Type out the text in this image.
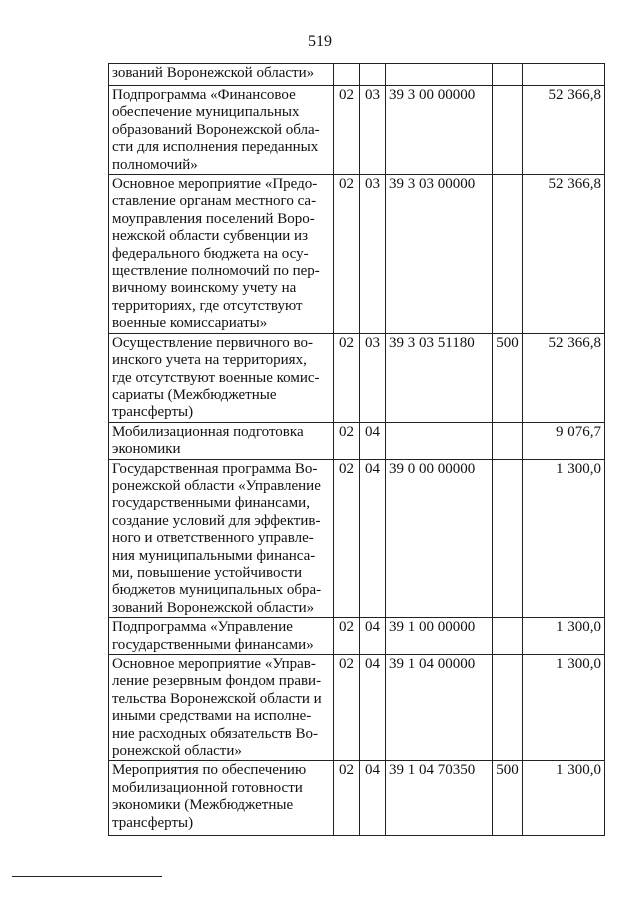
519
зований Воронежской области»					
Подпрограмма «Финансовое обеспечение муниципальных образований Воронежской обла-сти для исполнения переданных полномочий»	02	03	39 3 00 00000		52 366,8
Основное мероприятие «Предо-ставление органам местного са-моуправления поселений Воро-нежской области субвенции из федерального бюджета на осу-ществление полномочий по пер-вичному воинскому учету на территориях, где отсутствуют военные комиссариаты»	02	03	39 3 03 00000		52 366,8
Осуществление первичного во-инского учета на территориях, где отсутствуют военные комис-сариаты (Межбюджетные трансферты)	02	03	39 3 03 51180	500	52 366,8
Мобилизационная подготовка экономики	02	04			9 076,7
Государственная программа Во-ронежской области «Управление государственными финансами, создание условий для эффектив-ного и ответственного управле-ния муниципальными финанса-ми, повышение устойчивости бюджетов муниципальных обра-зований Воронежской области»	02	04	39 0 00 00000		1 300,0
Подпрограмма «Управление государственными финансами»	02	04	39 1 00 00000		1 300,0
Основное мероприятие «Управ-ление резервным фондом прави-тельства Воронежской области и иными средствами на исполне-ние расходных обязательств Во-ронежской области»	02	04	39 1 04 00000		1 300,0
Мероприятия по обеспечению мобилизационной готовности экономики (Межбюджетные трансферты)	02	04	39 1 04 70350	500	1 300,0
